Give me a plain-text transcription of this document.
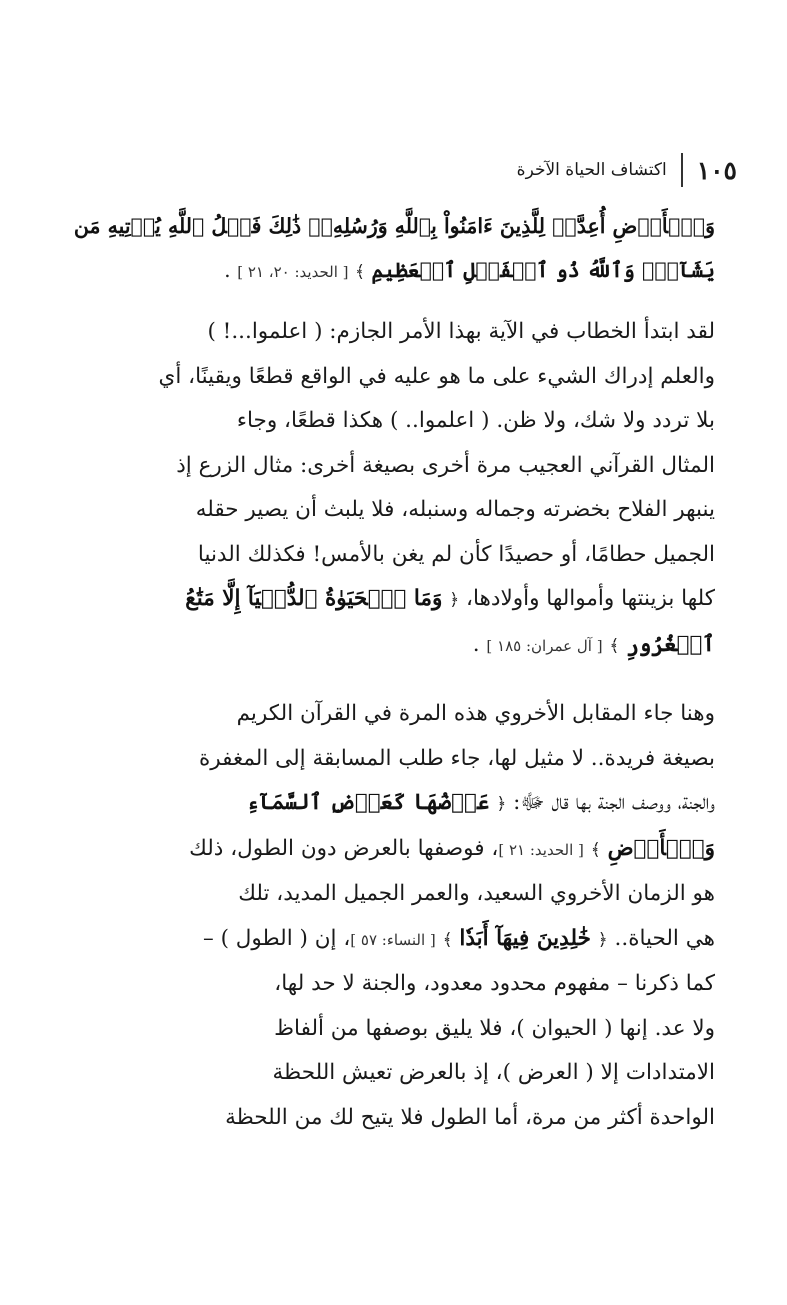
١٠٥
اكتشاف الحياة الآخرة
وَٱلۡأَرۡضِ أُعِدَّتۡ لِلَّذِينَ ءَامَنُواْ بِٱللَّهِ وَرُسُلِهِۦۚ ذَٰلِكَ فَضۡلُ ٱللَّهِ يُؤۡتِيهِ مَن
يَشَآءُۚ وَٱللَّهُ ذُو ٱلۡفَضۡلِ ٱلۡعَظِيمِ ﴾ [ الحديد: ٢٠، ٢١ ] .
لقد ابتدأ الخطاب في الآية بهذا الأمر الجازم: ( اعلموا...! )
والعلم إدراك الشيء على ما هو عليه في الواقع قطعًا ويقينًا، أي
بلا تردد ولا شك، ولا ظن. ( اعلموا.. ) هكذا قطعًا، وجاء
المثال القرآني العجيب مرة أخرى بصيغة أخرى: مثال الزرع إذ
ينبهر الفلاح بخضرته وجماله وسنبله، فلا يلبث أن يصير حقله
الجميل حطامًا، أو حصيدًا كأن لم يغن بالأمس! فكذلك الدنيا
كلها بزينتها وأموالها وأولادها، ﴿ وَمَا ٱلۡحَيَوٰةُ ٱلدُّنۡيَآ إِلَّا مَتَٰعُ
ٱلۡغُرُورِ ﴾ [ آل عمران: ١٨٥ ] .
وهنا جاء المقابل الأخروي هذه المرة في القرآن الكريم
بصيغة فريدة.. لا مثيل لها، جاء طلب المسابقة إلى المغفرة
والجنة، ووصف الجنة بها قال ﷻ: ﴿ عَرۡضُهَا كَعَرۡضِ ٱلسَّمَآءِ
وَٱلۡأَرۡضِ ﴾ [ الحديد: ٢١ ]، فوصفها بالعرض دون الطول، ذلك
هو الزمان الأخروي السعيد، والعمر الجميل المديد، تلك
هي الحياة.. ﴿ خَٰلِدِينَ فِيهَآ أَبَدٗا ﴾ [ النساء: ٥٧ ]، إن ( الطول ) –
كما ذكرنا – مفهوم محدود معدود، والجنة لا حد لها،
ولا عد. إنها ( الحيوان )، فلا يليق بوصفها من ألفاظ
الامتدادات إلا ( العرض )، إذ بالعرض تعيش اللحظة
الواحدة أكثر من مرة، أما الطول فلا يتيح لك من اللحظة
